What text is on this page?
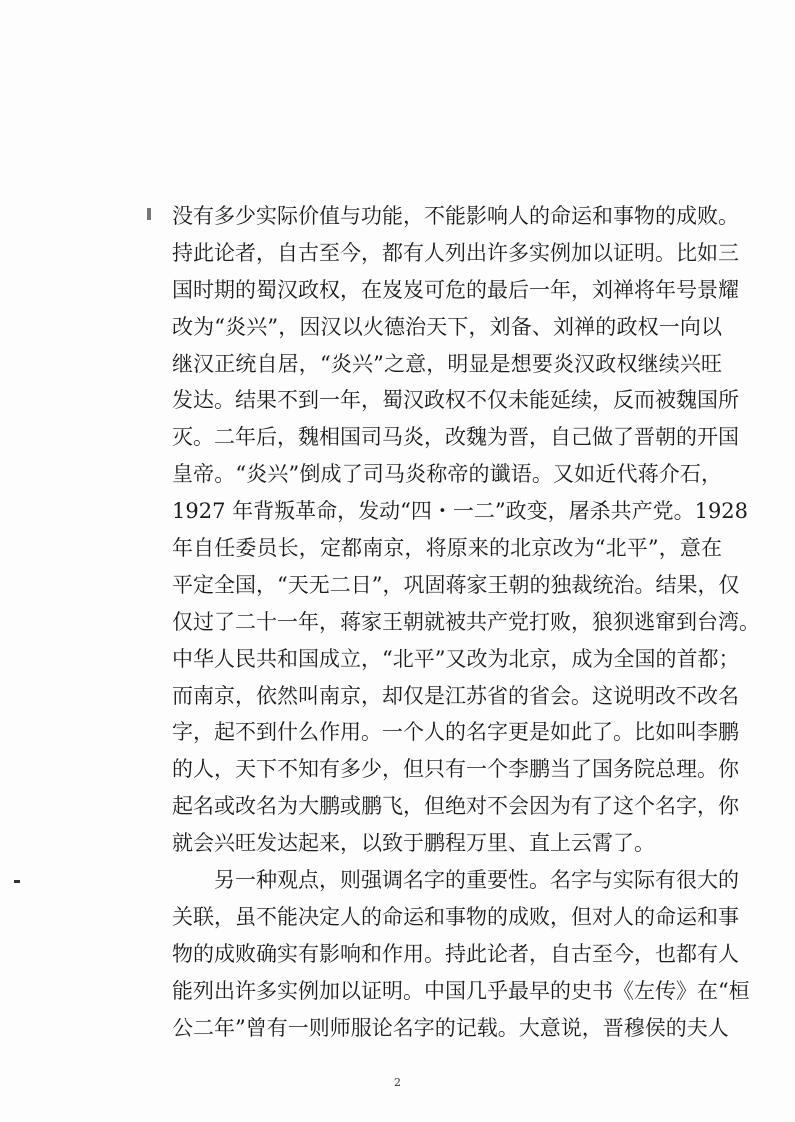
没有多少实际价值与功能，不能影响人的命运和事物的成败。
持此论者，自古至今，都有人列出许多实例加以证明。比如三
国时期的蜀汉政权，在岌岌可危的最后一年，刘禅将年号景耀
改为“炎兴”，因汉以火德治天下，刘备、刘禅的政权一向以
继汉正统自居，“炎兴”之意，明显是想要炎汉政权继续兴旺
发达。结果不到一年，蜀汉政权不仅未能延续，反而被魏国所
灭。二年后，魏相国司马炎，改魏为晋，自己做了晋朝的开国
皇帝。“炎兴”倒成了司马炎称帝的谶语。又如近代蒋介石，
1927 年背叛革命，发动“四・一二”政变，屠杀共产党。1928
年自任委员长，定都南京，将原来的北京改为“北平”，意在
平定全国，“天无二日”，巩固蒋家王朝的独裁统治。结果，仅
仅过了二十一年，蒋家王朝就被共产党打败，狼狈逃窜到台湾。
中华人民共和国成立，“北平”又改为北京，成为全国的首都；
而南京，依然叫南京，却仅是江苏省的省会。这说明改不改名
字，起不到什么作用。一个人的名字更是如此了。比如叫李鹏
的人，天下不知有多少，但只有一个李鹏当了国务院总理。你
起名或改名为大鹏或鹏飞，但绝对不会因为有了这个名字，你
就会兴旺发达起来，以致于鹏程万里、直上云霄了。
另一种观点，则强调名字的重要性。名字与实际有很大的
关联，虽不能决定人的命运和事物的成败，但对人的命运和事
物的成败确实有影响和作用。持此论者，自古至今，也都有人
能列出许多实例加以证明。中国几乎最早的史书《左传》在“桓
公二年”曾有一则师服论名字的记载。大意说，晋穆侯的夫人
2
